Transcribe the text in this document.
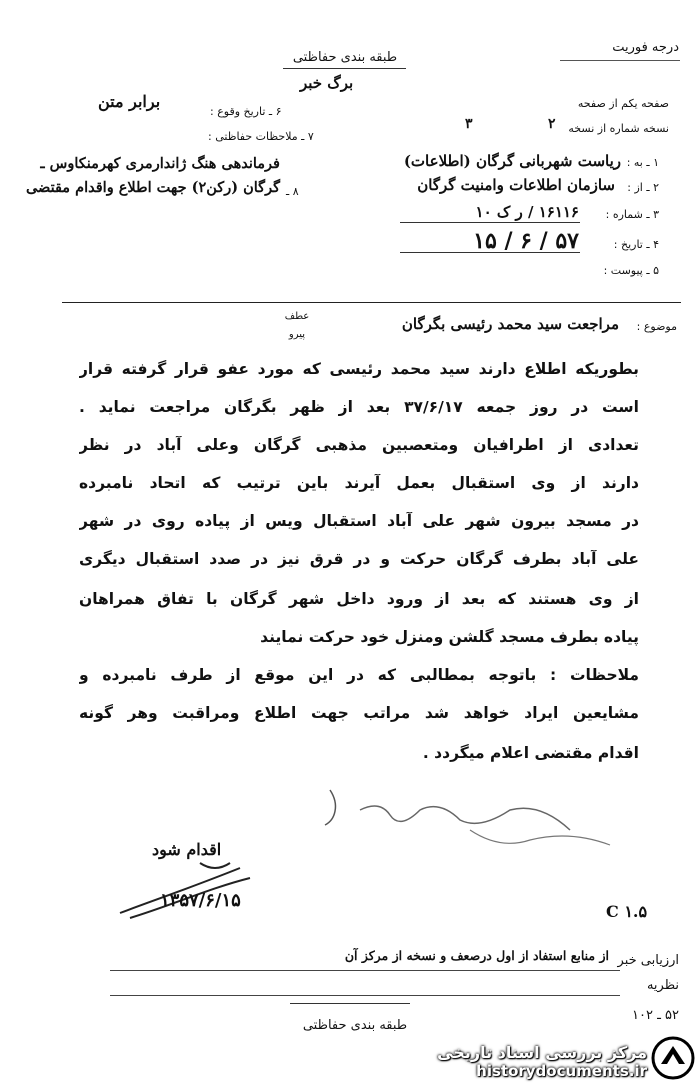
طبقه بندی حفاظتی
درجه فوریت
برگ خبر
برابر متن	صفحه یکم از صفحه
نسخه شماره از نسخه
۲
۳
۶ ـ تاریخ وقوع :
۷ ـ ملاحظات حفاظتی :
۱ ـ به :
ریاست شهربانی گرگان (اطلاعات)
۲ ـ از :
سازمان اطلاعات وامنیت گرگان
۳ ـ شماره :
۱۶۱۱۶ / ر ک ۱۰
۴ ـ تاریخ :
۵۷ / ۶ / ۱۵
۵ ـ پیوست :
۸ ـ
فرماندهی هنگ ژاندارمری کهرمنکاوس ـ گرگان (رکن۲) جهت اطلاع واقدام مقتضی
موضوع :
مراجعت سید محمد رئیسی بگرگان
عطف پیرو
بطوریکه اطلاع دارند سید محمد رئیسی که مورد عفو قرار گرفته قرار
است در روز جمعه ۳۷/۶/۱۷ بعد از ظهر بگرگان مراجعت نماید .
تعدادی از اطرافیان ومتعصبین مذهبی گرگان وعلی آباد در نظر
دارند از وی استقبال بعمل آیرند باین ترتیب که اتحاد نامبرده
در مسجد بیرون شهر علی آباد استقبال ویس از پیاده روی در شهر
علی آباد بطرف گرگان حرکت و در قرق نیز در صدد استقبال دیگری
از وی هستند که بعد از ورود داخل شهر گرگان با تفاق همراهان
پیاده بطرف مسجد گلشن ومنزل خود حرکت نمایند
ملاحظات : باتوجه بمطالبی که در این موقع از طرف نامبرده و
مشایعین ایراد خواهد شد مراتب جهت اطلاع ومراقبت وهر گونه
اقدام مقتضی اعلام میگردد .
اقدام شود
۱۳۵۷/۶/۱۵
۱.۵ C
ارزیابی خبر
از منابع استفاد از اول درصعف و نسخه از مرکز آن
نظریه
طبقه بندی حفاظتی
۵۲ ـ ۱۰۲
مرکز بررسی اسناد تاریخی
historydocuments.ir
